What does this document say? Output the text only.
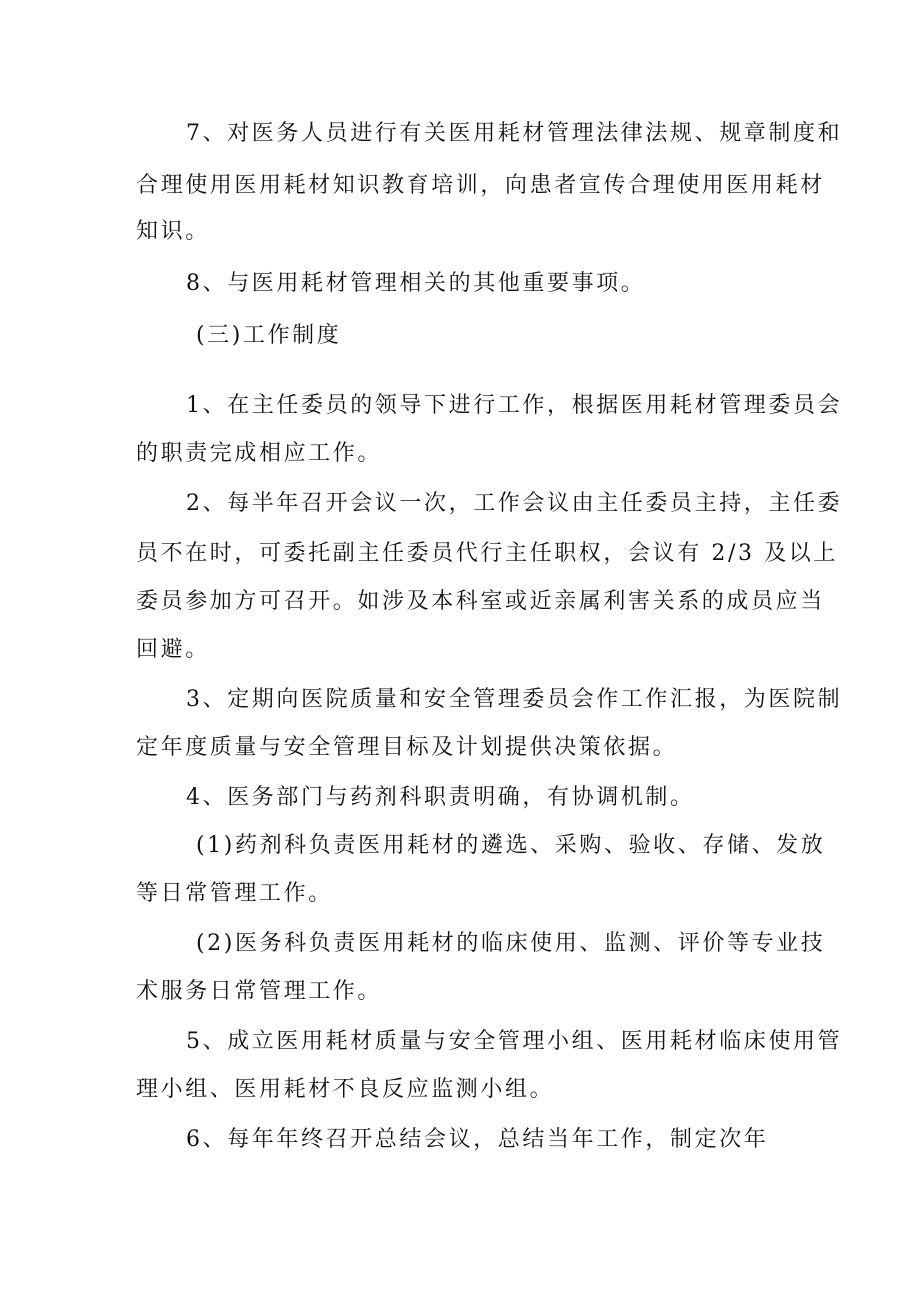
7、对医务人员进行有关医用耗材管理法律法规、规章制度和
合理使用医用耗材知识教育培训，向患者宣传合理使用医用耗材
知识。
8、与医用耗材管理相关的其他重要事项。
(三)工作制度
1、在主任委员的领导下进行工作，根据医用耗材管理委员会
的职责完成相应工作。
2、每半年召开会议一次，工作会议由主任委员主持，主任委
员不在时，可委托副主任委员代行主任职权，会议有 2/3 及以上
委员参加方可召开。如涉及本科室或近亲属利害关系的成员应当
回避。
3、定期向医院质量和安全管理委员会作工作汇报，为医院制
定年度质量与安全管理目标及计划提供决策依据。
4、医务部门与药剂科职责明确，有协调机制。
(1)药剂科负责医用耗材的遴选、采购、验收、存储、发放
等日常管理工作。
(2)医务科负责医用耗材的临床使用、监测、评价等专业技
术服务日常管理工作。
5、成立医用耗材质量与安全管理小组、医用耗材临床使用管
理小组、医用耗材不良反应监测小组。
6、每年年终召开总结会议，总结当年工作，制定次年
